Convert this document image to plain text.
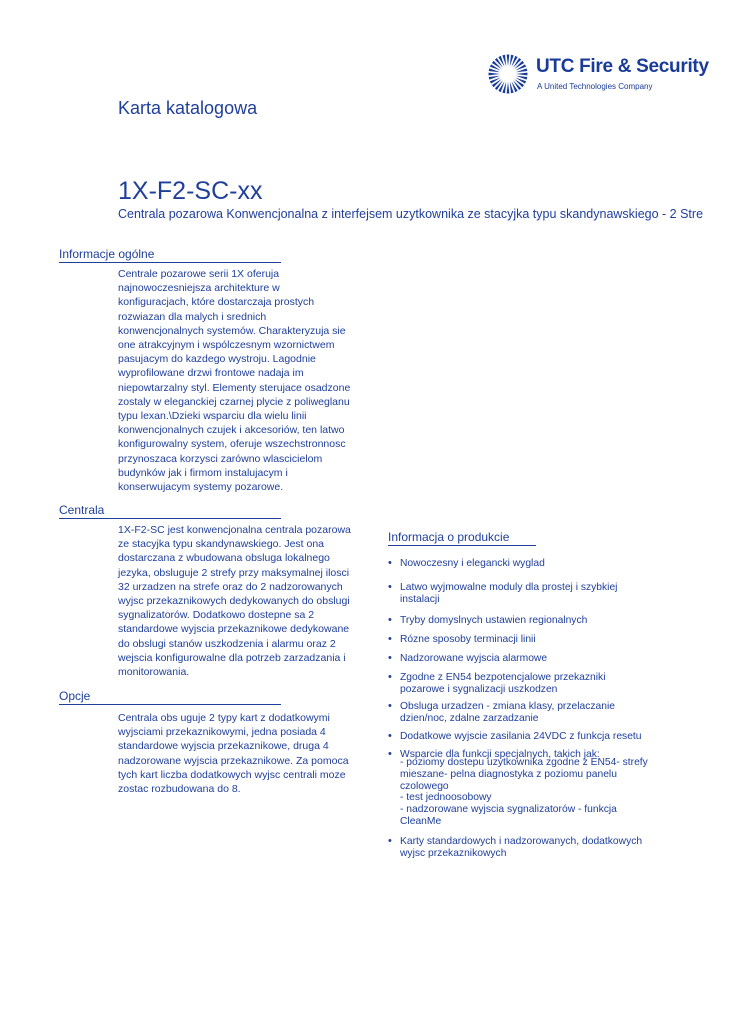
UTC Fire & Security
A United Technologies Company
Karta katalogowa
1X-F2-SC-xx
Centrala pozarowa Konwencjonalna z interfejsem uzytkownika ze stacyjka typu skandynawskiego - 2 Stre
Informacje ogólne
Centrale pozarowe serii 1X oferuja
najnowoczesniejsza architekture w
konfiguracjach, które dostarczaja prostych
rozwiazan dla malych i srednich
konwencjonalnych systemów. Charakteryzuja sie
one atrakcyjnym i wspólczesnym wzornictwem
pasujacym do kazdego wystroju. Lagodnie
wyprofilowane drzwi frontowe nadaja im
niepowtarzalny styl. Elementy sterujace osadzone
zostaly w eleganckiej czarnej plycie z poliweglanu
typu lexan.\Dzieki wsparciu dla wielu linii
konwencjonalnych czujek i akcesoriów, ten latwo
konfigurowalny system, oferuje wszechstronnosc
przynoszaca korzysci zarówno wlascicielom
budynków jak i firmom instalujacym i
konserwujacym systemy pozarowe.
Centrala
1X-F2-SC jest konwencjonalna centrala pozarowa
ze stacyjka typu skandynawskiego. Jest ona
dostarczana z wbudowana obsluga lokalnego
jezyka, obsluguje 2 strefy przy maksymalnej ilosci
32 urzadzen na strefe oraz do 2 nadzorowanych
wyjsc przekaznikowych dedykowanych do obslugi
sygnalizatorów. Dodatkowo dostepne sa 2
standardowe wyjscia przekaznikowe dedykowane
do obslugi stanów uszkodzenia i alarmu oraz 2
wejscia konfigurowalne dla potrzeb zarzadzania i
monitorowania.
Opcje
Centrala obs uguje 2 typy kart z dodatkowymi
wyjsciami przekaznikowymi, jedna posiada 4
standardowe wyjscia przekaznikowe, druga 4
nadzorowane wyjscia przekaznikowe. Za pomoca
tych kart liczba dodatkowych wyjsc centrali moze
zostac rozbudowana do 8.
Informacja o produkcie
• Nowoczesny i elegancki wyglad
• Latwo wyjmowalne moduly dla prostej i szybkiej
instalacji
• Tryby domyslnych ustawien regionalnych
• Rózne sposoby terminacji linii
• Nadzorowane wyjscia alarmowe
• Zgodne z EN54 bezpotencjalowe przekazniki
pozarowe i sygnalizacji uszkodzen
• Obsluga urzadzen - zmiana klasy, przelaczanie
dzien/noc, zdalne zarzadzanie
• Dodatkowe wyjscie zasilania 24VDC z funkcja resetu
• Wsparcie dla funkcji specjalnych, takich jak:
- poziomy dostepu uzytkownika zgodne z EN54- strefy
mieszane- pelna diagnostyka z poziomu panelu
czolowego
- test jednoosobowy
- nadzorowane wyjscia sygnalizatorów - funkcja
CleanMe
• Karty standardowych i nadzorowanych, dodatkowych
wyjsc przekaznikowych
